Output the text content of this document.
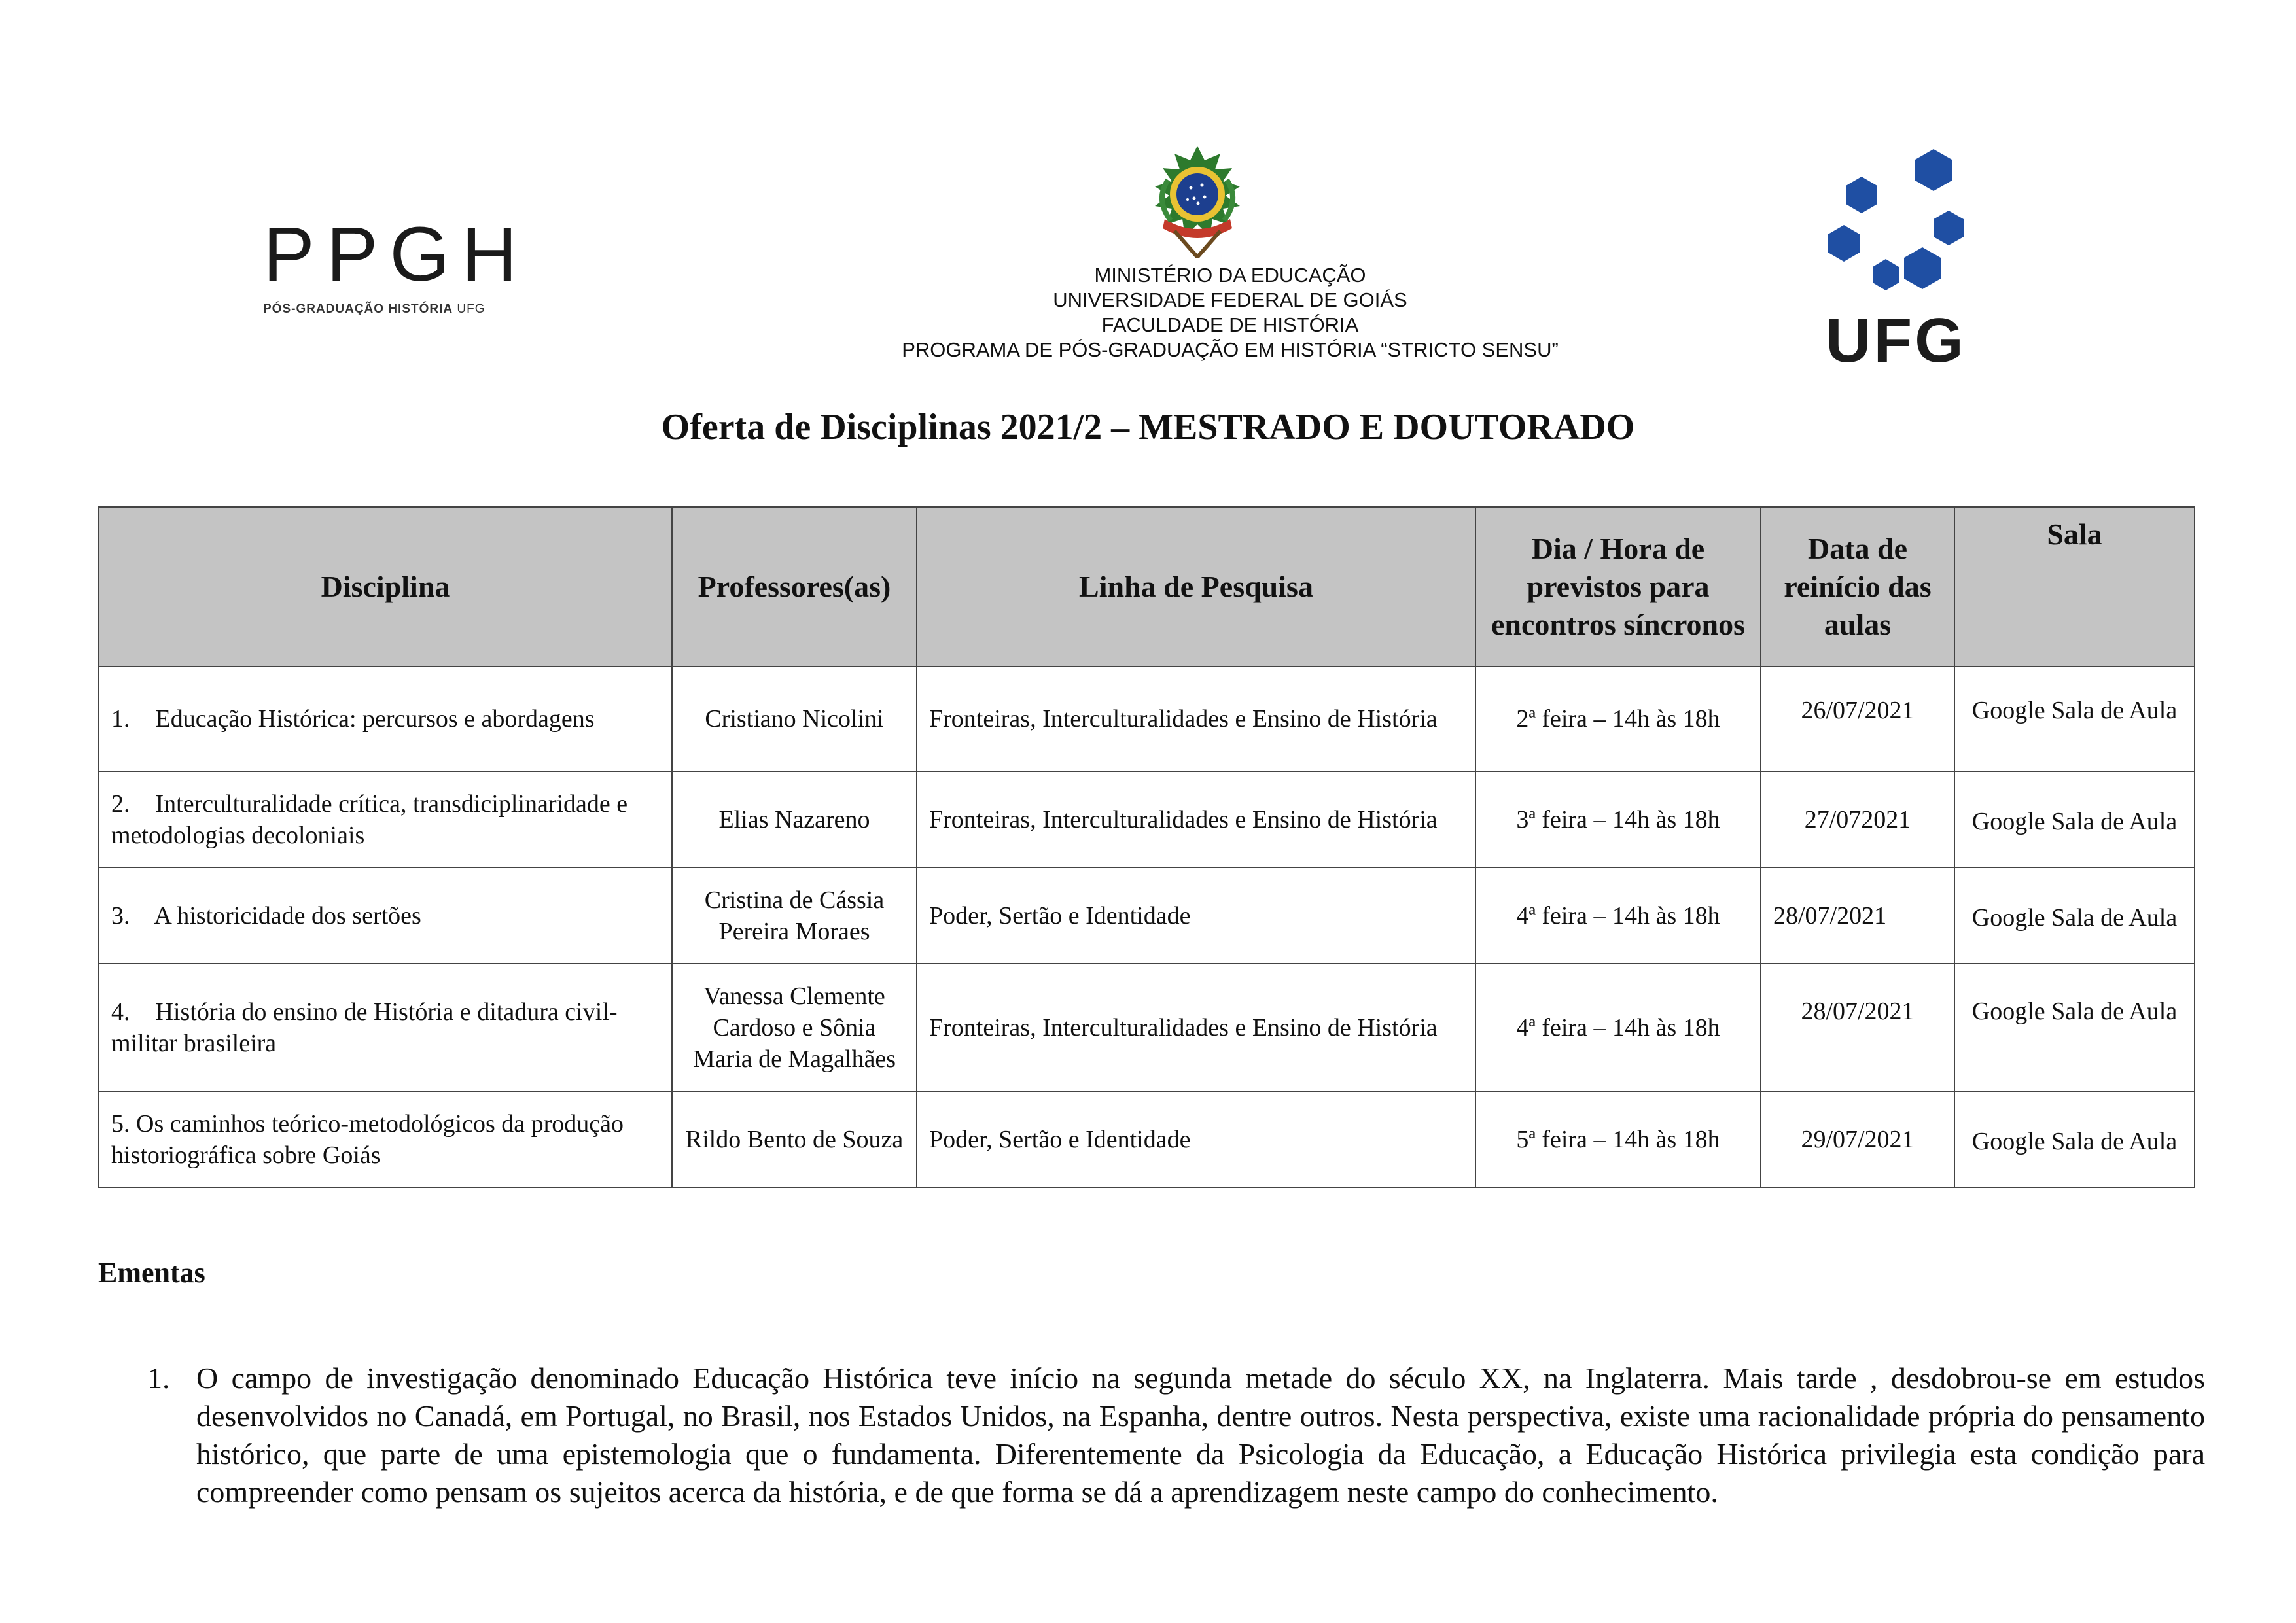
PPGH
PÓS-GRADUAÇÃO HISTÓRIA UFG
MINISTÉRIO DA EDUCAÇÃO
UNIVERSIDADE FEDERAL DE GOIÁS
FACULDADE DE HISTÓRIA
PROGRAMA DE PÓS-GRADUAÇÃO EM HISTÓRIA “STRICTO SENSU”	UFG
Oferta de Disciplinas 2021/2 – MESTRADO E DOUTORADO
Disciplina	Professores(as)	Linha de Pesquisa	Dia / Hora de previstos para encontros síncronos	Data de reinício das aulas	Sala
1. Educação Histórica: percursos e abordagens	Cristiano Nicolini	Fronteiras, Interculturalidades e Ensino de História	2ª feira – 14h às 18h	26/07/2021	Google Sala de Aula
2. Interculturalidade crítica, transdiciplinaridade e metodologias decoloniais	Elias Nazareno	Fronteiras, Interculturalidades e Ensino de História	3ª feira – 14h às 18h	27/072021	Google Sala de Aula
3. A historicidade dos sertões	Cristina de Cássia Pereira Moraes	Poder, Sertão e Identidade	4ª feira – 14h às 18h	28/07/2021	Google Sala de Aula
4. História do ensino de História e ditadura civil-militar brasileira	Vanessa Clemente Cardoso e Sônia Maria de Magalhães	Fronteiras, Interculturalidades e Ensino de História	4ª feira – 14h às 18h	28/07/2021	Google Sala de Aula
5. Os caminhos teórico-metodológicos da produção historiográfica sobre Goiás	Rildo Bento de Souza	Poder, Sertão e Identidade	5ª feira – 14h às 18h	29/07/2021	Google Sala de Aula
Ementas
1. O campo de investigação denominado Educação Histórica teve início na segunda metade do século XX, na Inglaterra. Mais tarde , desdobrou-se em estudos desenvolvidos no Canadá, em Portugal, no Brasil, nos Estados Unidos, na Espanha, dentre outros. Nesta perspectiva, existe uma racionalidade própria do pensamento histórico, que parte de uma epistemologia que o fundamenta. Diferentemente da Psicologia da Educação, a Educação Histórica privilegia esta condição para compreender como pensam os sujeitos acerca da história, e de que forma se dá a aprendizagem neste campo do conhecimento.
